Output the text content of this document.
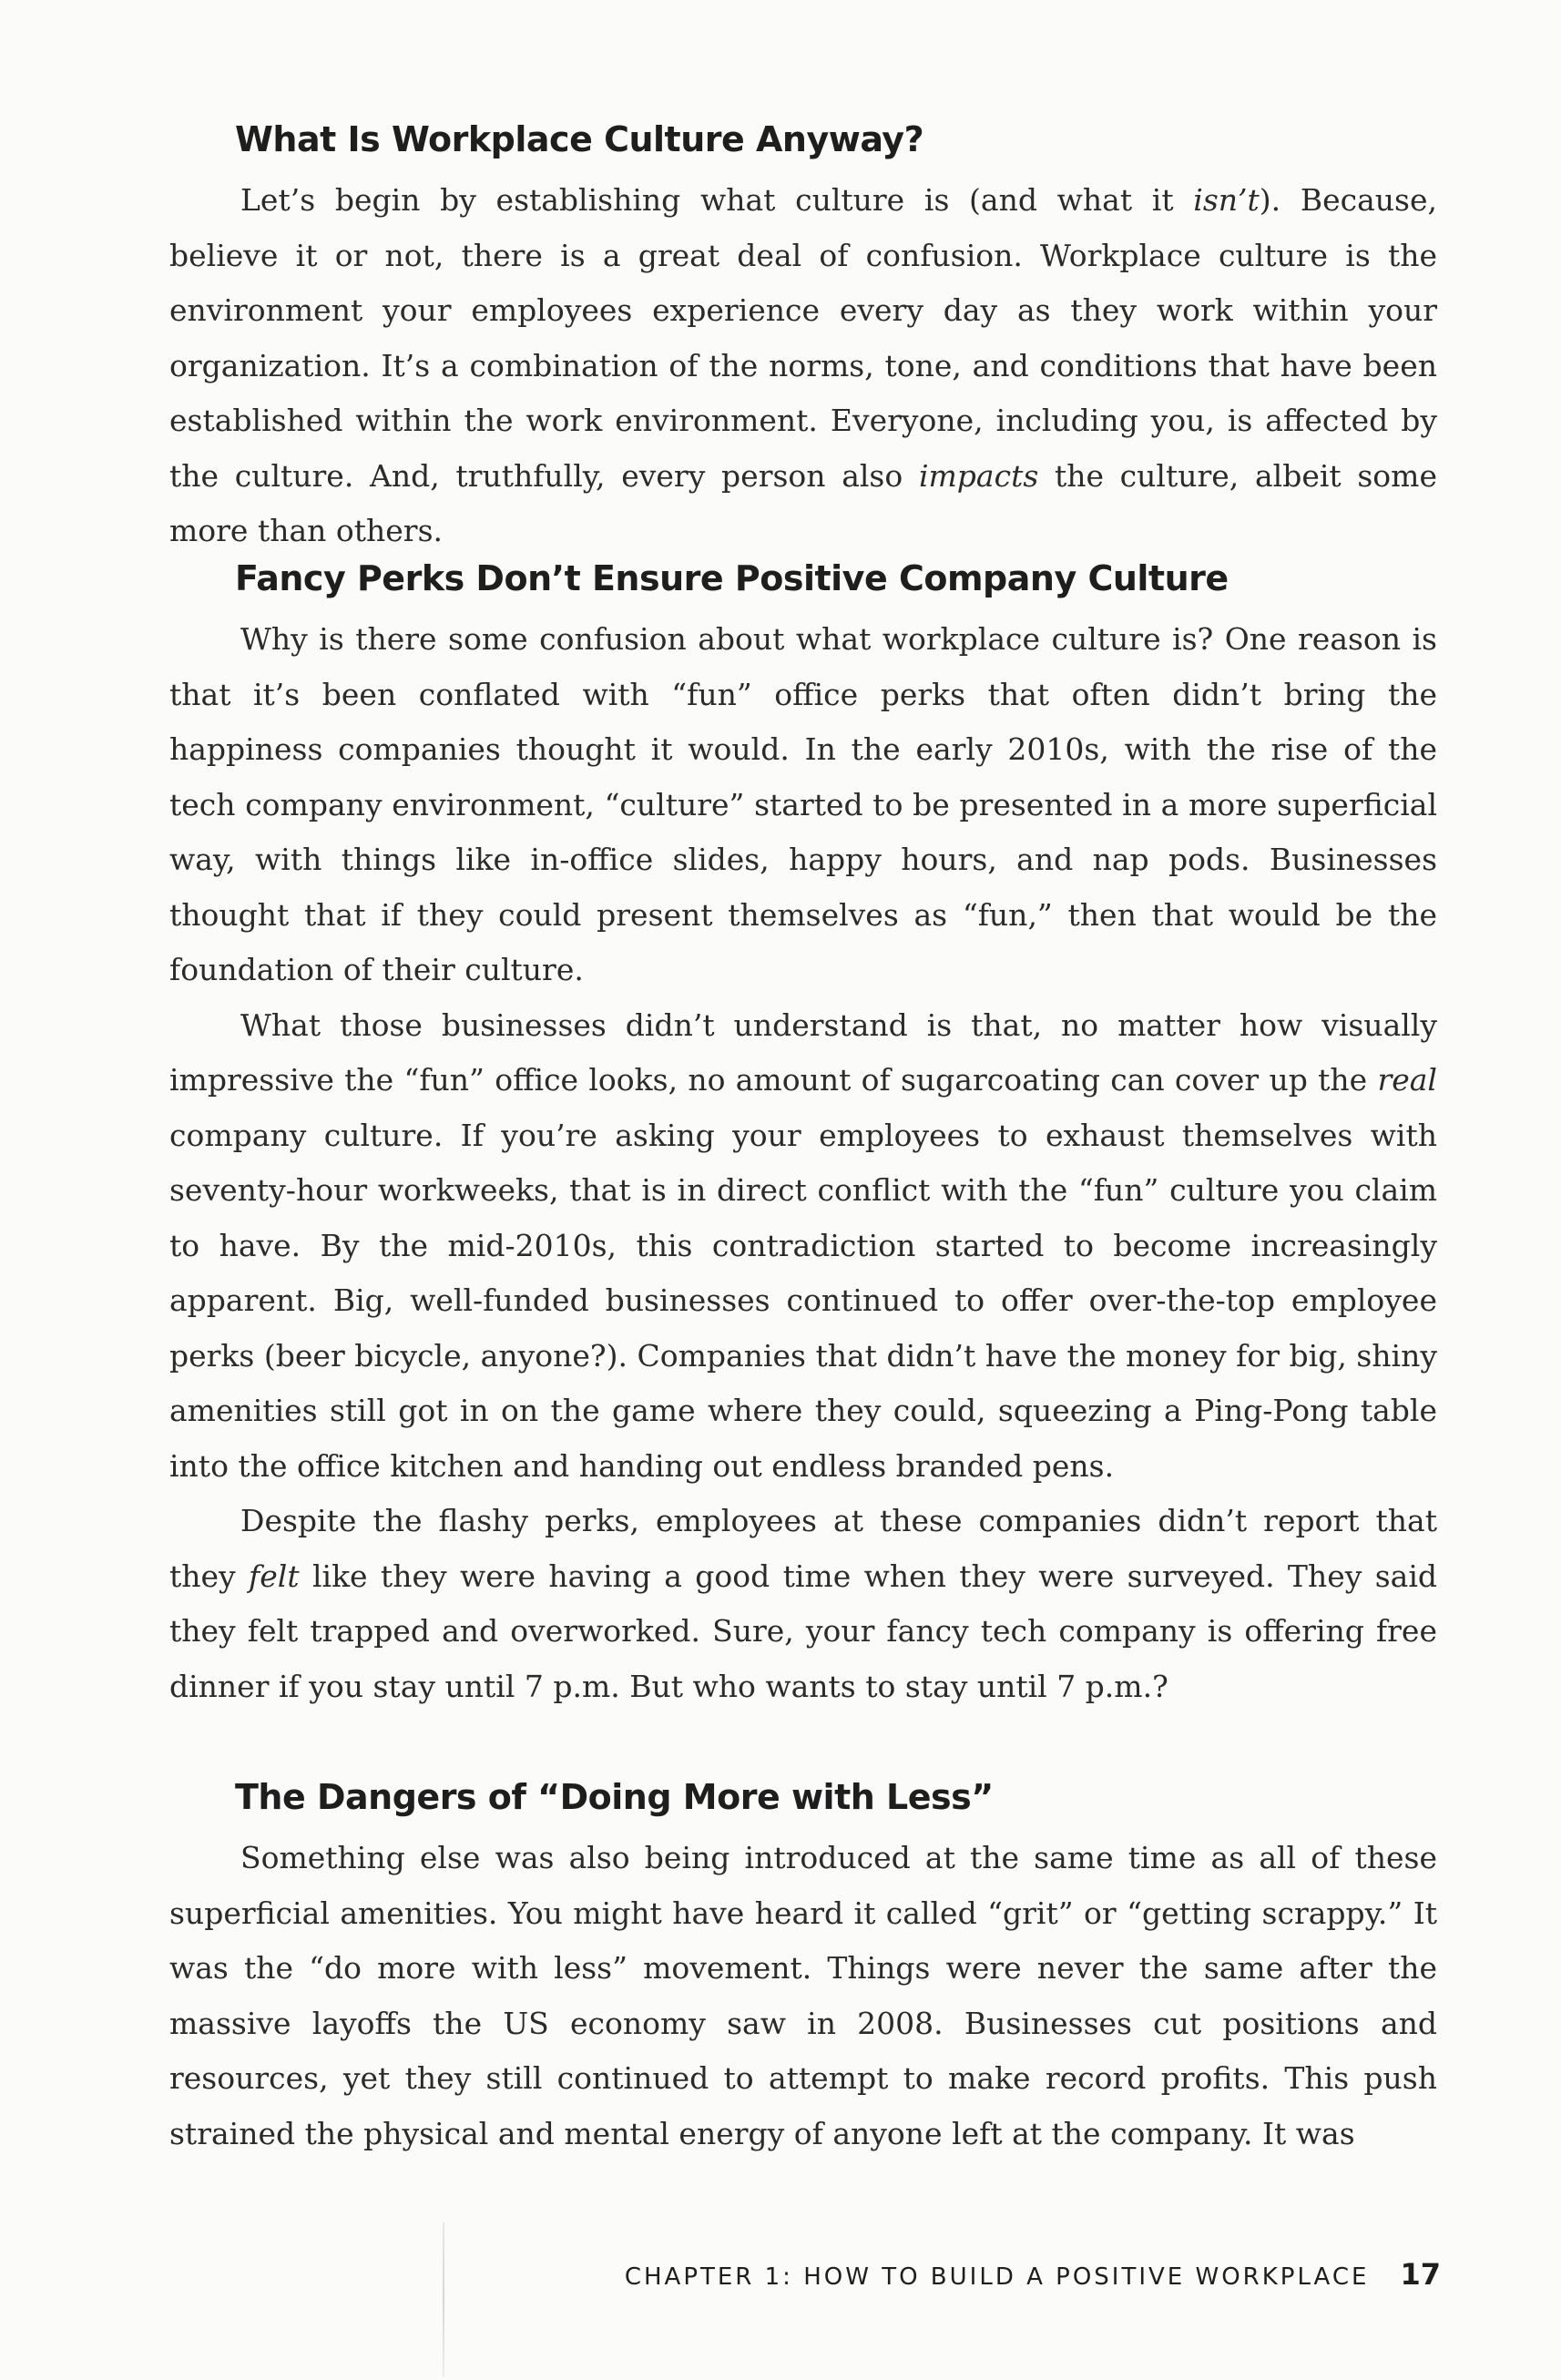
What Is Workplace Culture Anyway?

Let’s begin by establishing what culture is (and what it isn’t). Because, believe it or not, there is a great deal of confusion. Workplace culture is the environment your employees experience every day as they work within your organization. It’s a combination of the norms, tone, and conditions that have been established within the work environment. Everyone, including you, is affected by the culture. And, truthfully, every person also impacts the culture, albeit some more than others.

Fancy Perks Don’t Ensure Positive Company Culture

Why is there some confusion about what workplace culture is? One reason is that it’s been conflated with “fun” office perks that often didn’t bring the happiness companies thought it would. In the early 2010s, with the rise of the tech company environment, “culture” started to be presented in a more superficial way, with things like in-office slides, happy hours, and nap pods. Businesses thought that if they could present themselves as “fun,” then that would be the foundation of their culture.

What those businesses didn’t understand is that, no matter how visually impressive the “fun” office looks, no amount of sugarcoating can cover up the real company culture. If you’re asking your employees to exhaust themselves with seventy-hour workweeks, that is in direct conflict with the “fun” culture you claim to have. By the mid-2010s, this contradiction started to become increasingly apparent. Big, well-funded businesses continued to offer over-the-top employee perks (beer bicycle, anyone?). Companies that didn’t have the money for big, shiny amenities still got in on the game where they could, squeezing a Ping-Pong table into the office kitchen and handing out endless branded pens.

Despite the flashy perks, employees at these companies didn’t report that they felt like they were having a good time when they were surveyed. They said they felt trapped and overworked. Sure, your fancy tech company is offering free dinner if you stay until 7 p.m. But who wants to stay until 7 p.m.?

The Dangers of “Doing More with Less”

Something else was also being introduced at the same time as all of these superficial amenities. You might have heard it called “grit” or “getting scrappy.” It was the “do more with less” movement. Things were never the same after the massive layoffs the US economy saw in 2008. Businesses cut positions and resources, yet they still continued to attempt to make record profits. This push strained the physical and mental energy of anyone left at the company. It was

CHAPTER 1: HOW TO BUILD A POSITIVE WORKPLACE 17
